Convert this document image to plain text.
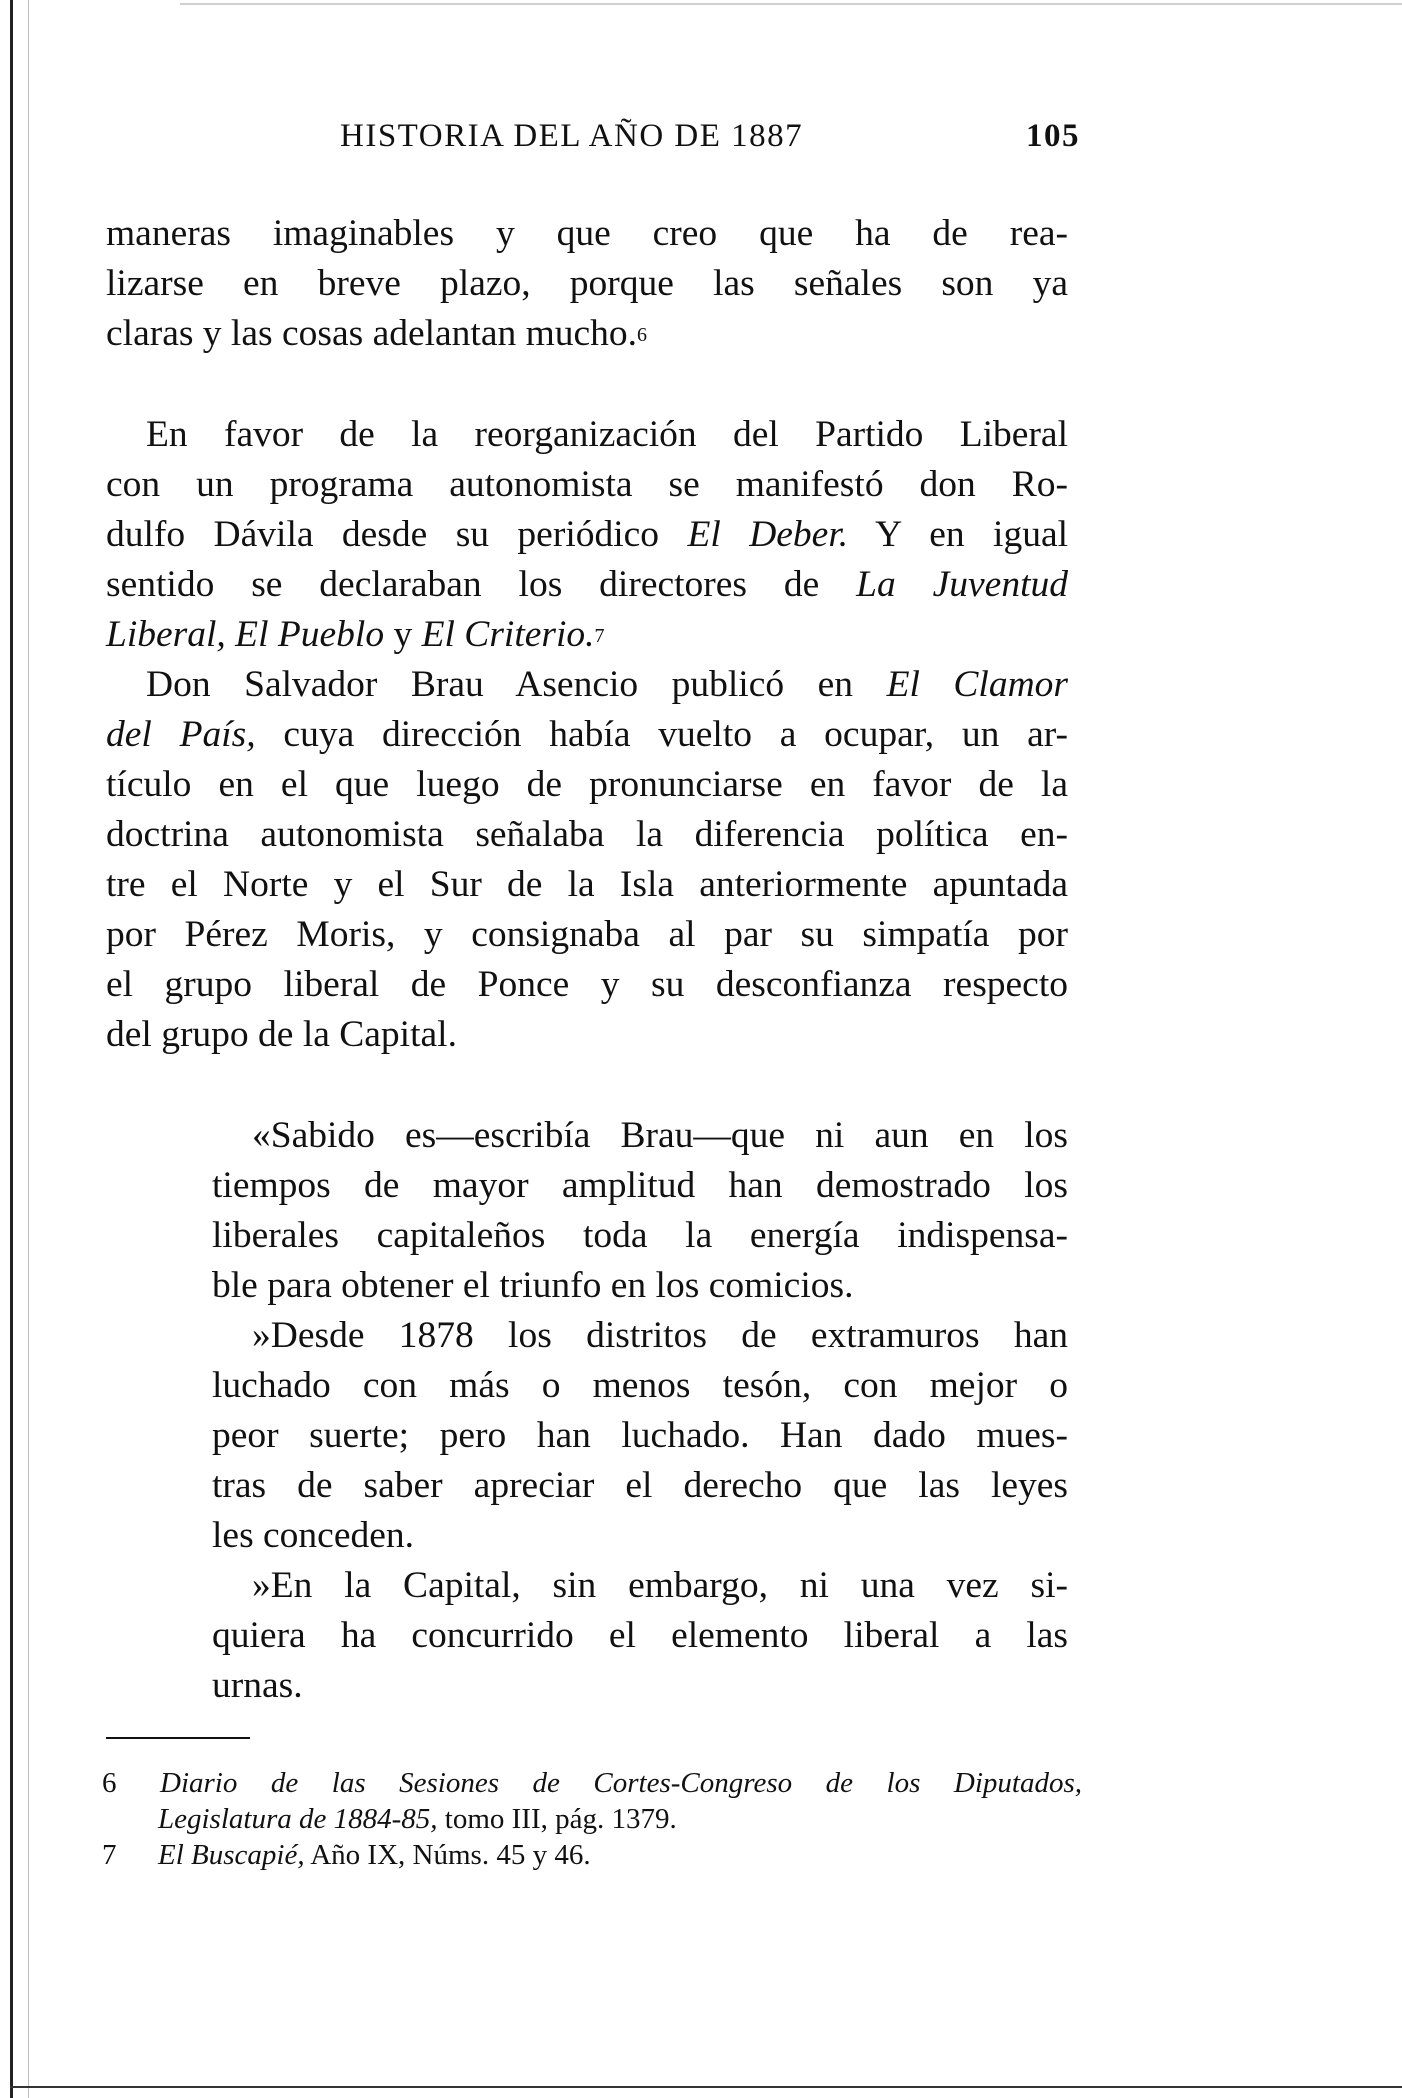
HISTORIA DEL AÑO DE 1887	105
maneras imaginables y que creo que ha de rea-
lizarse en breve plazo, porque las señales son ya
claras y las cosas adelantan mucho.$^6$
En favor de la reorganización del Partido Liberal
con un programa autonomista se manifestó don Ro-
dulfo Dávila desde su periódico El Deber. Y en igual
sentido se declaraban los directores de La Juventud
Liberal, El Pueblo y El Criterio.$^7$
Don Salvador Brau Asencio publicó en El Clamor
del País, cuya dirección había vuelto a ocupar, un ar-
tículo en el que luego de pronunciarse en favor de la
doctrina autonomista señalaba la diferencia política en-
tre el Norte y el Sur de la Isla anteriormente apuntada
por Pérez Moris, y consignaba al par su simpatía por
el grupo liberal de Ponce y su desconfianza respecto
del grupo de la Capital.
«Sabido es—escribía Brau—que ni aun en los
tiempos de mayor amplitud han demostrado los
liberales capitaleños toda la energía indispensa-
ble para obtener el triunfo en los comicios.
»Desde 1878 los distritos de extramuros han
luchado con más o menos tesón, con mejor o
peor suerte; pero han luchado. Han dado mues-
tras de saber apreciar el derecho que las leyes
les conceden.
»En la Capital, sin embargo, ni una vez si-
quiera ha concurrido el elemento liberal a las
urnas.
6 Diario de las Sesiones de Cortes-Congreso de los Diputados,
Legislatura de 1884-85, tomo III, pág. 1379.
7 El Buscapié, Año IX, Núms. 45 y 46.
